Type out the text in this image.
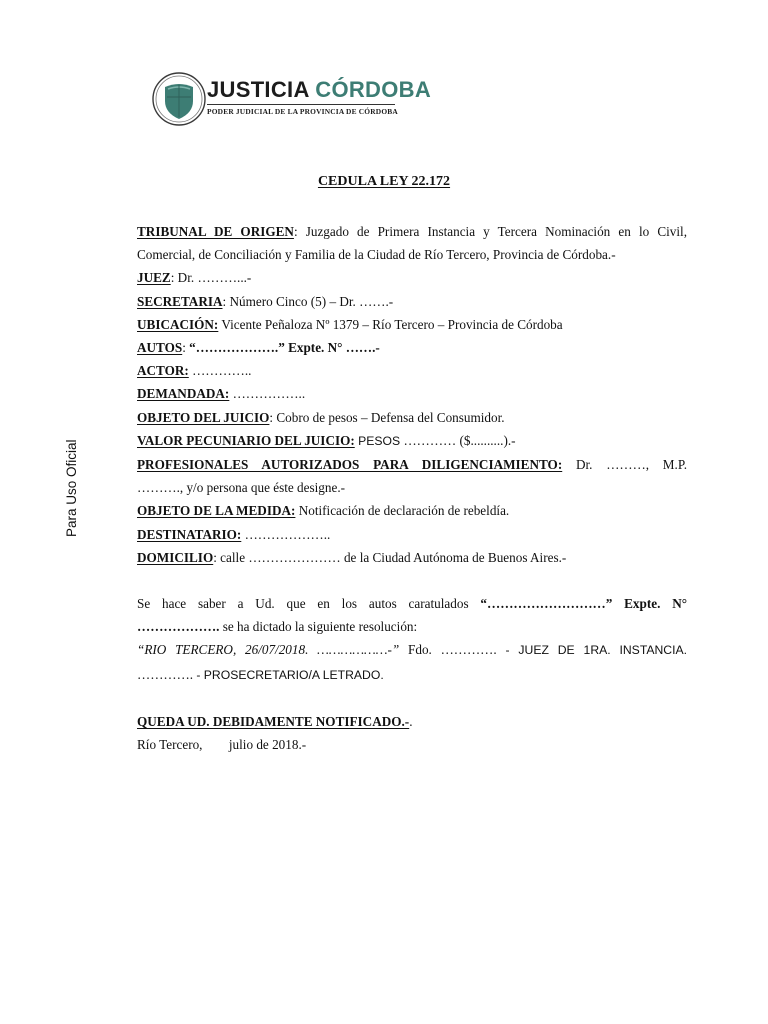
JUSTICIA CÓRDOBA
PODER JUDICIAL DE LA PROVINCIA DE CÓRDOBA
Para Uso Oficial
CEDULA LEY 22.172
TRIBUNAL DE ORIGEN: Juzgado de Primera Instancia y Tercera Nominación en lo Civil,
Comercial, de Conciliación y Familia de la Ciudad de Río Tercero, Provincia de Córdoba.-
JUEZ: Dr. ………...-
SECRETARIA: Número Cinco (5) – Dr. …….-
UBICACIÓN: Vicente Peñaloza Nº 1379 – Río Tercero – Provincia de Córdoba
AUTOS: “……………….” Expte. N° …….-
ACTOR: …………..
DEMANDADA: ……………..
OBJETO DEL JUICIO: Cobro de pesos – Defensa del Consumidor.
VALOR PECUNIARIO DEL JUICIO: PESOS ………… ($..........).-
PROFESIONALES AUTORIZADOS PARA DILIGENCIAMIENTO: Dr. ………, M.P.
………., y/o persona que éste designe.-
OBJETO DE LA MEDIDA: Notificación de declaración de rebeldía.
DESTINATARIO: ………………..
DOMICILIO: calle ………………… de la Ciudad Autónoma de Buenos Aires.-
Se hace saber a Ud. que en los autos caratulados “………………………” Expte. N°
………………. se ha dictado la siguiente resolución:
“RIO TERCERO, 26/07/2018. ………………-” Fdo. …………. - JUEZ DE 1RA. INSTANCIA.
…………. - PROSECRETARIO/A LETRADO.
QUEDA UD. DEBIDAMENTE NOTIFICADO.-.
Río Tercero,        julio de 2018.-
